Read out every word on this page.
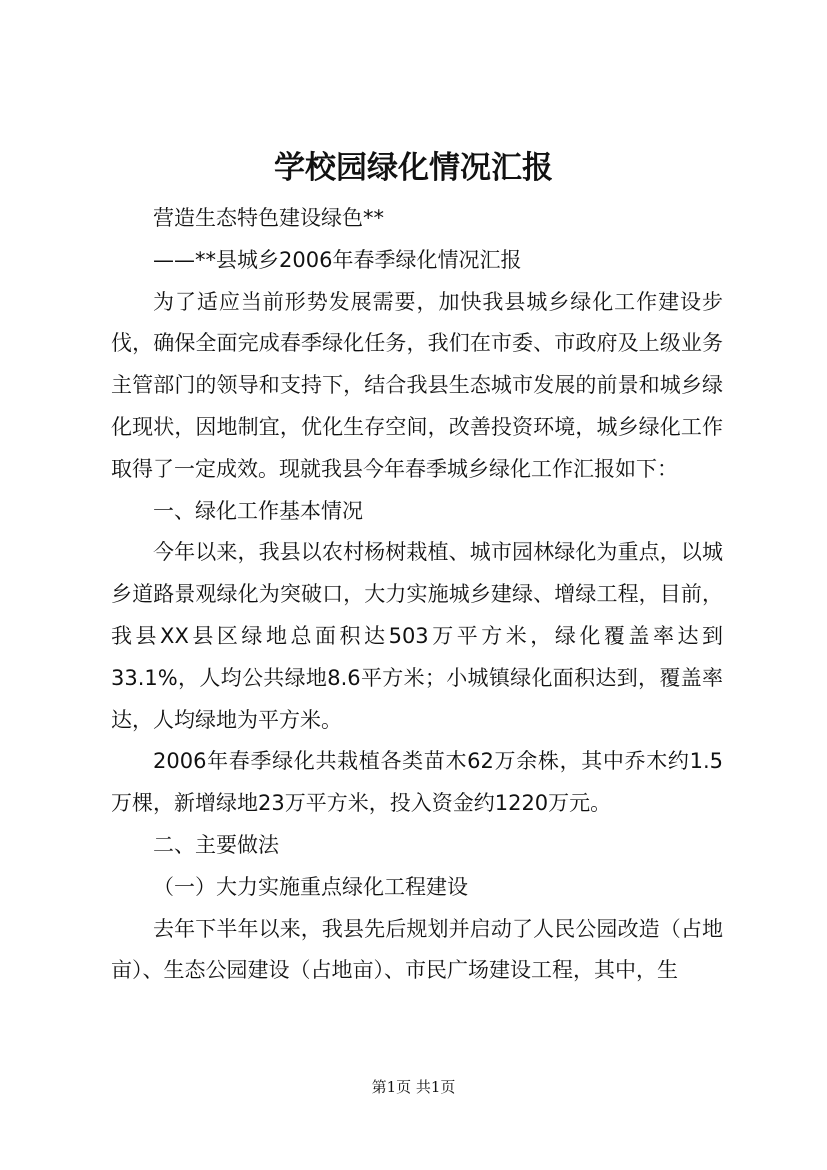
学校园绿化情况汇报

营造生态特色建设绿色**

——**县城乡2006年春季绿化情况汇报

为了适应当前形势发展需要，加快我县城乡绿化工作建设步伐，确保全面完成春季绿化任务，我们在市委、市政府及上级业务主管部门的领导和支持下，结合我县生态城市发展的前景和城乡绿化现状，因地制宜，优化生存空间，改善投资环境，城乡绿化工作取得了一定成效。现就我县今年春季城乡绿化工作汇报如下：

一、绿化工作基本情况

今年以来，我县以农村杨树栽植、城市园林绿化为重点，以城乡道路景观绿化为突破口，大力实施城乡建绿、增绿工程，目前，我县XX县区绿地总面积达503万平方米，绿化覆盖率达到33.1%，人均公共绿地8.6平方米；小城镇绿化面积达到，覆盖率达，人均绿地为平方米。

2006年春季绿化共栽植各类苗木62万余株，其中乔木约1.5万棵，新增绿地23万平方米，投入资金约1220万元。

二、主要做法

（一）大力实施重点绿化工程建设

去年下半年以来，我县先后规划并启动了人民公园改造（占地亩）、生态公园建设（占地亩）、市民广场建设工程，其中，生

第1页 共1页
